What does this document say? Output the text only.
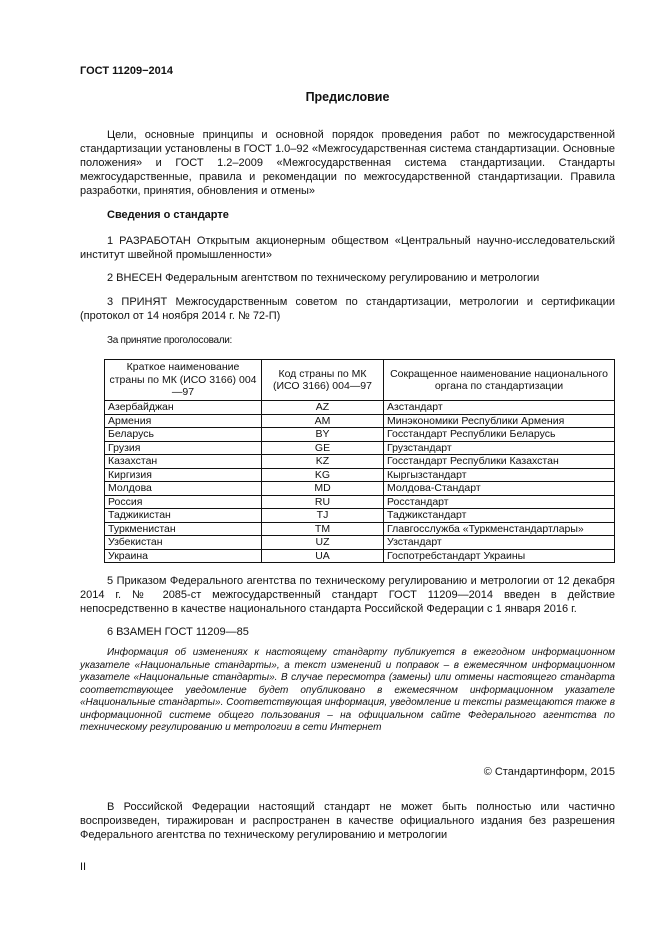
ГОСТ 11209−2014
Предисловие
Цели, основные принципы и основной порядок проведения работ по межгосударственной стандартизации установлены в ГОСТ 1.0–92 «Межгосударственная система стандартизации. Основные положения» и ГОСТ 1.2–2009 «Межгосударственная система стандартизации. Стандарты межгосударственные, правила и рекомендации по межгосударственной стандартизации. Правила разработки, принятия, обновления и отмены»
Сведения о стандарте
1 РАЗРАБОТАН Открытым акционерным обществом «Центральный научно-исследовательский институт швейной промышленности»
2 ВНЕСЕН Федеральным агентством по техническому регулированию и метрологии
3 ПРИНЯТ Межгосударственным советом по стандартизации, метрологии и сертификации (протокол от 14 ноября 2014 г. № 72-П)
За принятие проголосовали:
Краткое наименование страны по МК (ИСО 3166) 004—97	Код страны по МК (ИСО 3166) 004—97	Сокращенное наименование национального органа по стандартизации
Азербайджан	AZ	Азстандарт
Армения	AM	Минэкономики Республики Армения
Беларусь	BY	Госстандарт Республики Беларусь
Грузия	GE	Грузстандарт
Казахстан	KZ	Госстандарт Республики Казахстан
Киргизия	KG	Кыргызстандарт
Молдова	MD	Молдова-Стандарт
Россия	RU	Росстандарт
Таджикистан	TJ	Таджикстандарт
Туркменистан	TM	Главгосслужба «Туркменстандартлары»
Узбекистан	UZ	Узстандарт
Украина	UA	Госпотребстандарт Украины
5 Приказом Федерального агентства по техническому регулированию и метрологии от 12 декабря 2014 г. № 2085-ст межгосударственный стандарт ГОСТ 11209—2014 введен в действие непосредственно в качестве национального стандарта Российской Федерации с 1 января 2016 г.
6 ВЗАМЕН ГОСТ 11209—85
Информация об изменениях к настоящему стандарту публикуется в ежегодном информационном указателе «Национальные стандарты», а текст изменений и поправок – в ежемесячном информационном указателе «Национальные стандарты». В случае пересмотра (замены) или отмены настоящего стандарта соответствующее уведомление будет опубликовано в ежемесячном информационном указателе «Национальные стандарты». Соответствующая информация, уведомление и тексты размещаются также в информационной системе общего пользования – на официальном сайте Федерального агентства по техническому регулированию и метрологии в сети Интернет
© Стандартинформ, 2015
В Российской Федерации настоящий стандарт не может быть полностью или частично воспроизведен, тиражирован и распространен в качестве официального издания без разрешения Федерального агентства по техническому регулированию и метрологии
II
